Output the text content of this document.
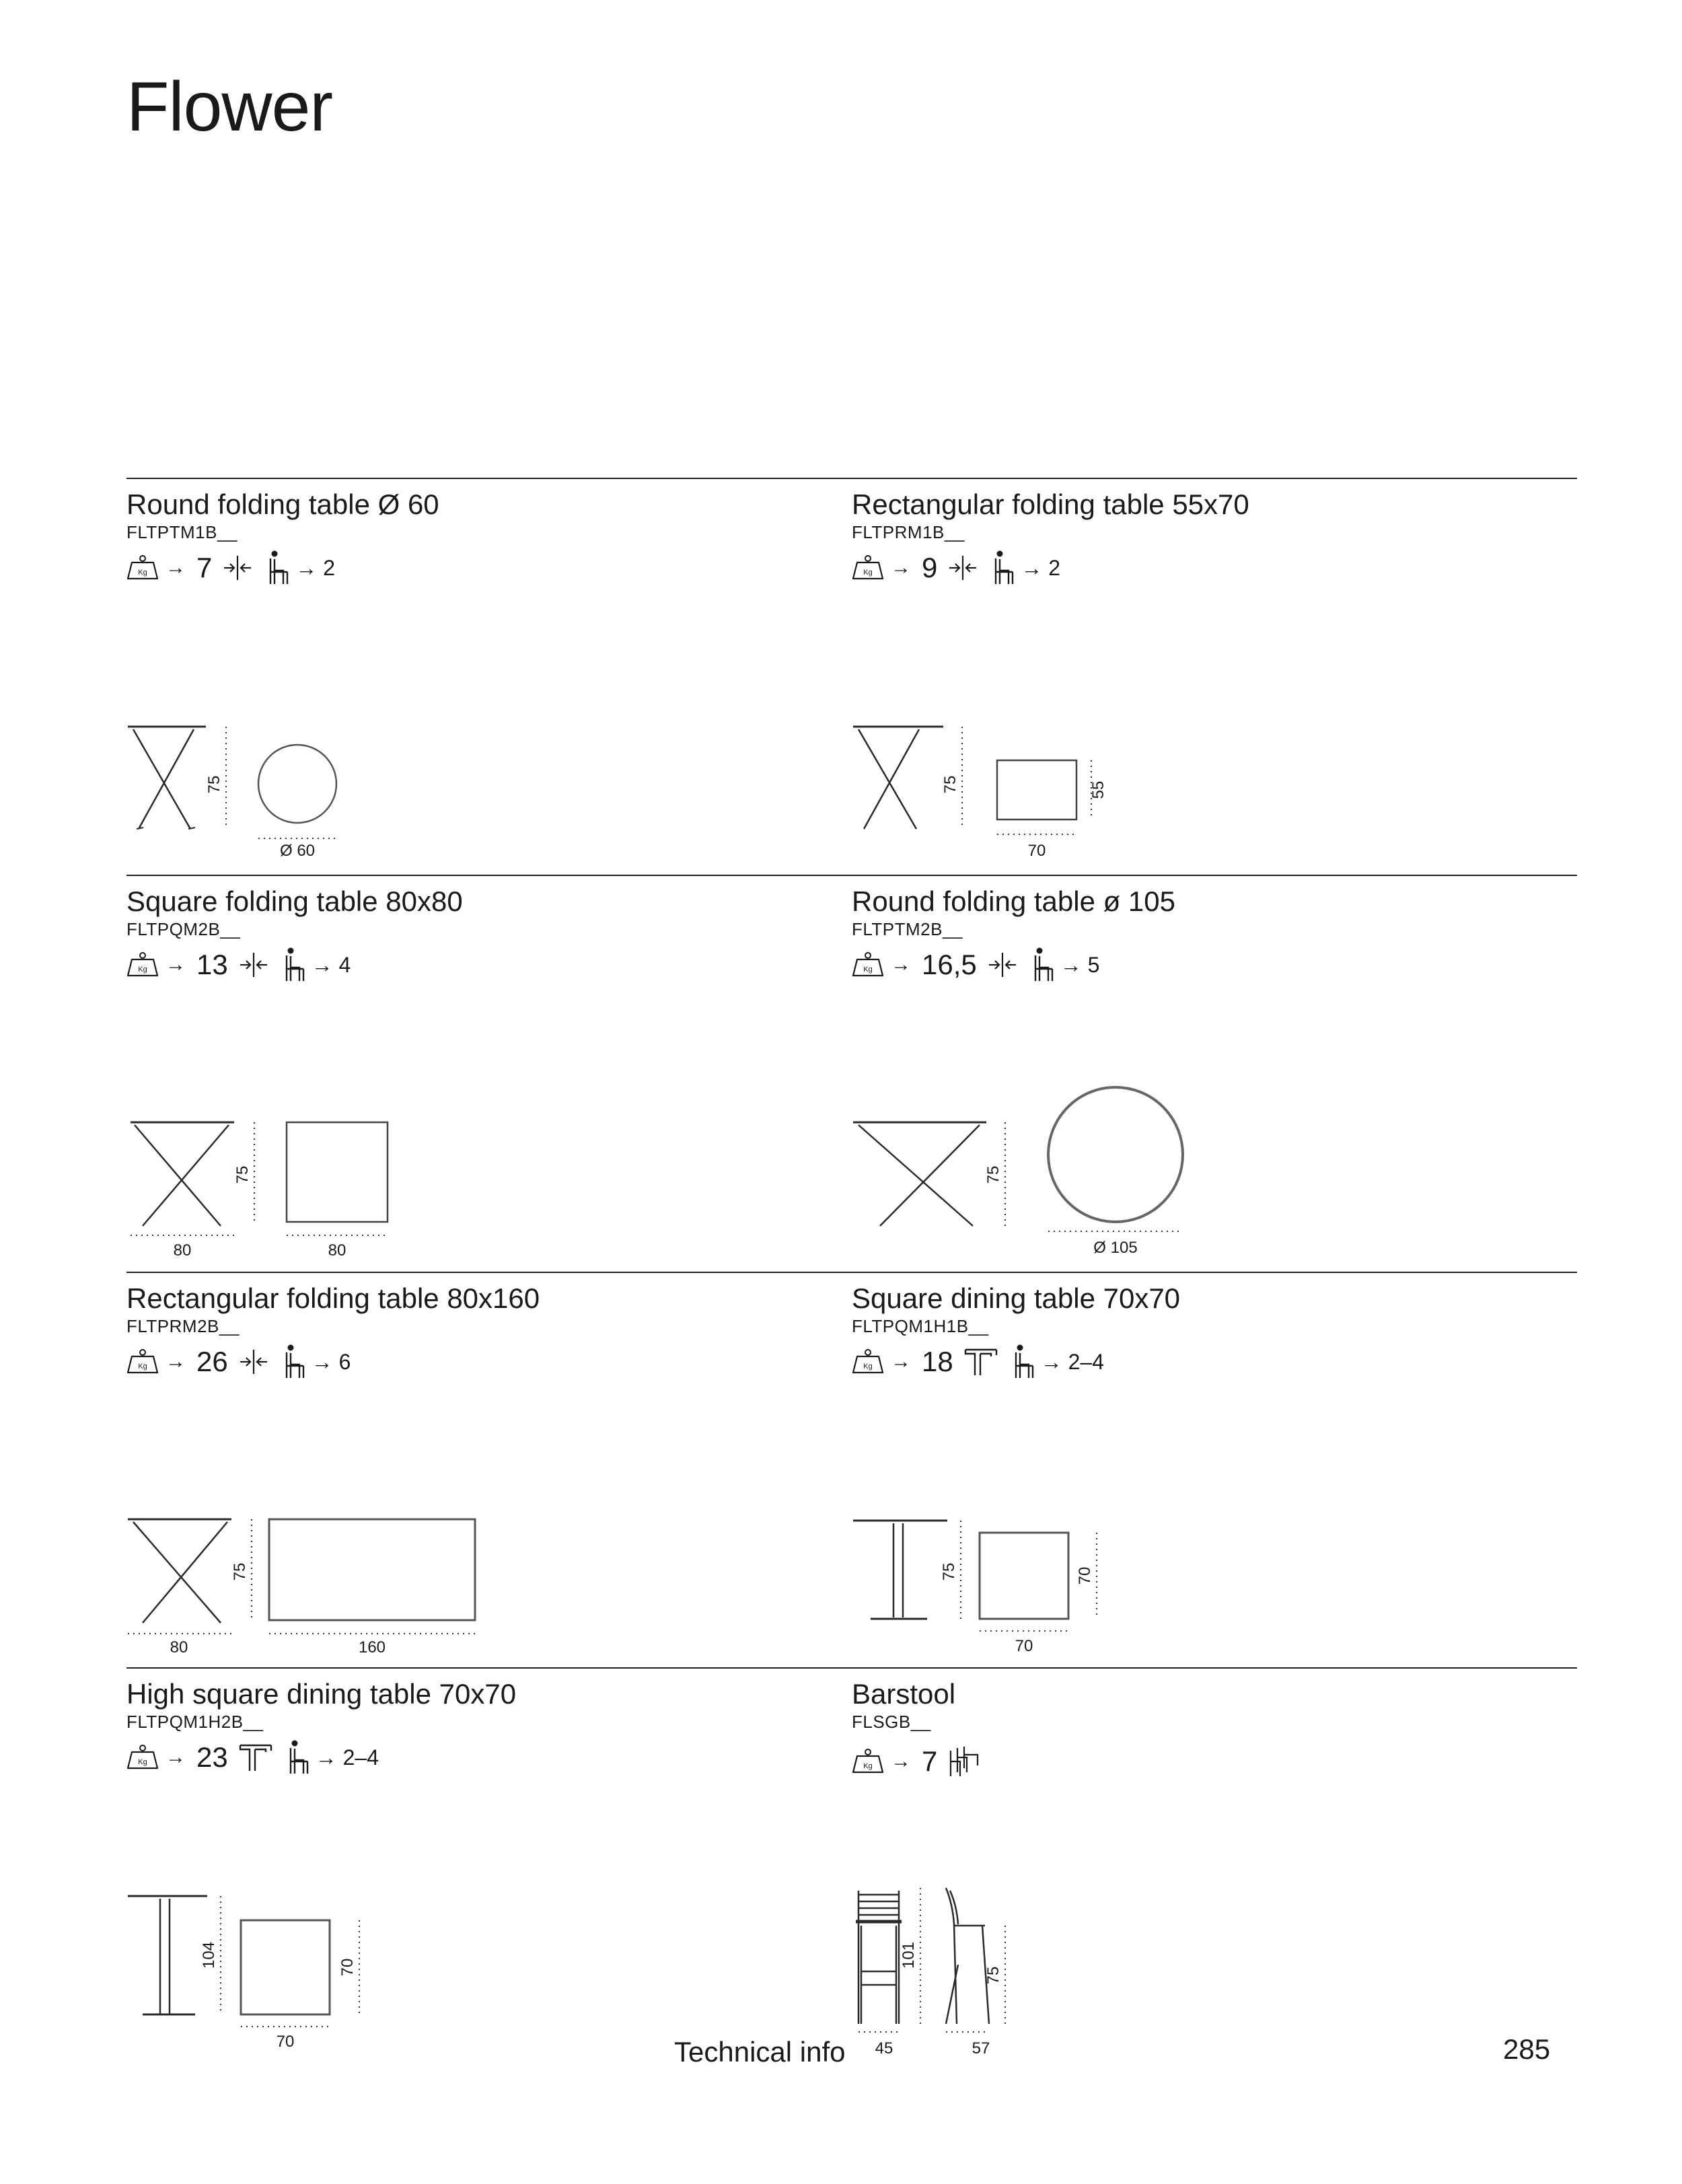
Flower
Round folding table Ø 60
FLTPTM1B__
→ 7	→ 2
75
Ø 60
Rectangular folding table 55x70
FLTPRM1B__
→ 9	→ 2
75	55
70
Square folding table 80x80
FLTPQM2B__
→ 13	→ 4
75
80	80
Round folding table ø 105
FLTPTM2B__
→ 16,5	→ 5
75
Ø 105
Rectangular folding table 80x160
FLTPRM2B__
→ 26	→ 6
75
80	160
Square dining table 70x70
FLTPQM1H1B__
→ 18	→ 2–4
75	70
70
High square dining table 70x70
FLTPQM1H2B__
→ 23	→ 2–4
104	70
70
Barstool
FLSGB__
→ 7
101
75
45	57
Technical info	285
